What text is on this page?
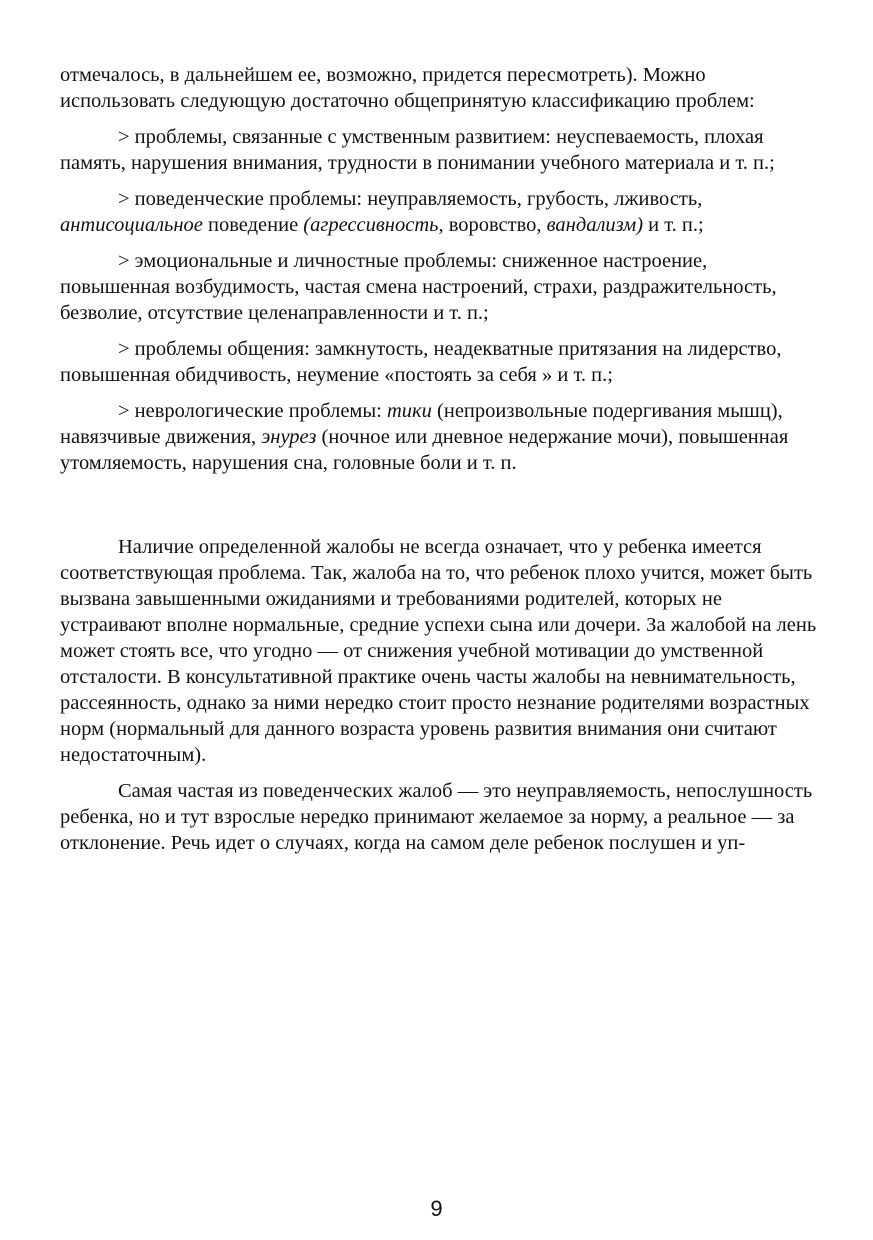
отмечалось, в дальнейшем ее, возможно, придется пересмотреть). Можно использовать следующую достаточно общепринятую классификацию проблем:

> проблемы, связанные с умственным развитием: неуспеваемость, плохая память, нарушения внимания, трудности в понимании учебного материала и т. п.;

> поведенческие проблемы: неуправляемость, грубость, лживость, антисоциальное поведение (агрессивность, воровство, вандализм) и т. п.;

> эмоциональные и личностные проблемы: сниженное настроение, повышенная возбудимость, частая смена настроений, страхи, раздражительность, безволие, отсутствие целенаправленности и т. п.;

> проблемы общения: замкнутость, неадекватные притязания на лидерство, повышенная обидчивость, неумение «постоять за себя » и т. п.;

> неврологические проблемы: тики (непроизвольные подергивания мышц), навязчивые движения, энурез (ночное или дневное недержание мочи), повышенная утомляемость, нарушения сна, головные боли и т. п.

Наличие определенной жалобы не всегда означает, что у ребенка имеется соответствующая проблема. Так, жалоба на то, что ребенок плохо учится, может быть вызвана завышенными ожиданиями и требованиями родителей, которых не устраивают вполне нормальные, средние успехи сына или дочери. За жалобой на лень может стоять все, что угодно — от снижения учебной мотивации до умственной отсталости. В консультативной практике очень часты жалобы на невнимательность, рассеянность, однако за ними нередко стоит просто незнание родителями возрастных норм (нормальный для данного возраста уровень развития внимания они считают недостаточным).

Самая частая из поведенческих жалоб — это неуправляемость, непослушность ребенка, но и тут взрослые нередко принимают желаемое за норму, а реальное — за отклонение. Речь идет о случаях, когда на самом деле ребенок послушен и уп-

9
